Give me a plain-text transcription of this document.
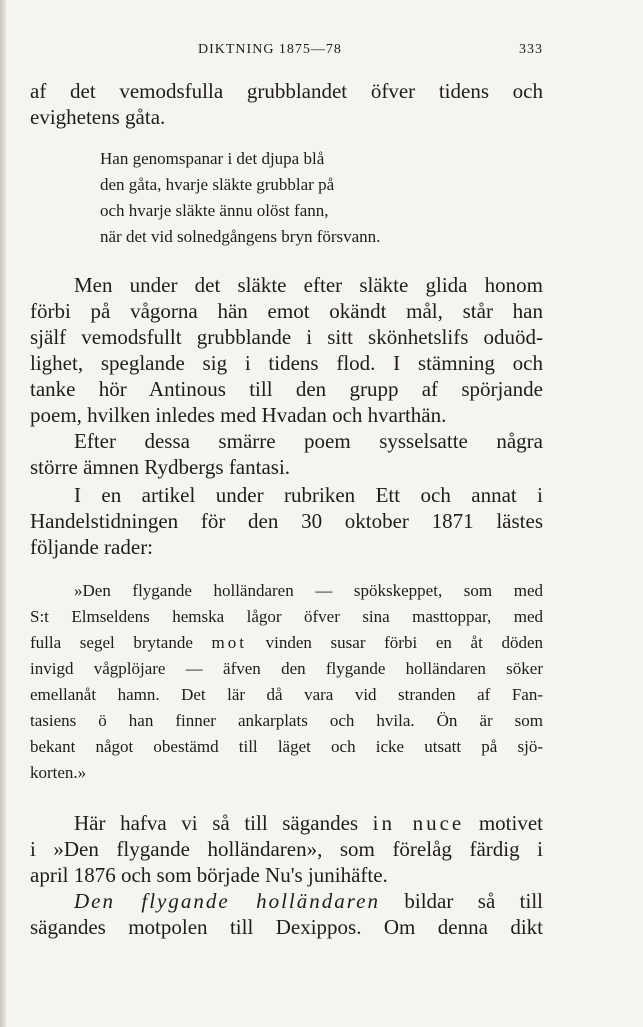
DIKTNING 1875—78	333
af det vemodsfulla grubblandet öfver tidens och
evighetens gåta.
Han genomspanar i det djupa blå
den gåta, hvarje släkte grubblar på
och hvarje släkte ännu olöst fann,
när det vid solnedgångens bryn försvann.
Men under det släkte efter släkte glida honom
förbi på vågorna hän emot okändt mål, står han
själf vemodsfullt grubblande i sitt skönhetslifs oduöd-
lighet, speglande sig i tidens flod. I stämning och
tanke hör Antinous till den grupp af spörjande
poem, hvilken inledes med Hvadan och hvarthän.
Efter dessa smärre poem sysselsatte några
större ämnen Rydbergs fantasi.
I en artikel under rubriken Ett och annat i
Handelstidningen för den 30 oktober 1871 lästes
följande rader:
»Den flygande holländaren — spökskeppet, som med
S:t Elmseldens hemska lågor öfver sina masttoppar, med
fulla segel brytande mot vinden susar förbi en åt döden
invigd vågplöjare — äfven den flygande holländaren söker
emellanåt hamn. Det lär då vara vid stranden af Fan-
tasiens ö han finner ankarplats och hvila. Ön är som
bekant något obestämd till läget och icke utsatt på sjö-
korten.»
Här hafva vi så till sägandes in nuce motivet
i »Den flygande holländaren», som förelåg färdig i
april 1876 och som började Nu's junihäfte.
Den flygande holländaren bildar så till
sägandes motpolen till Dexippos. Om denna dikt
